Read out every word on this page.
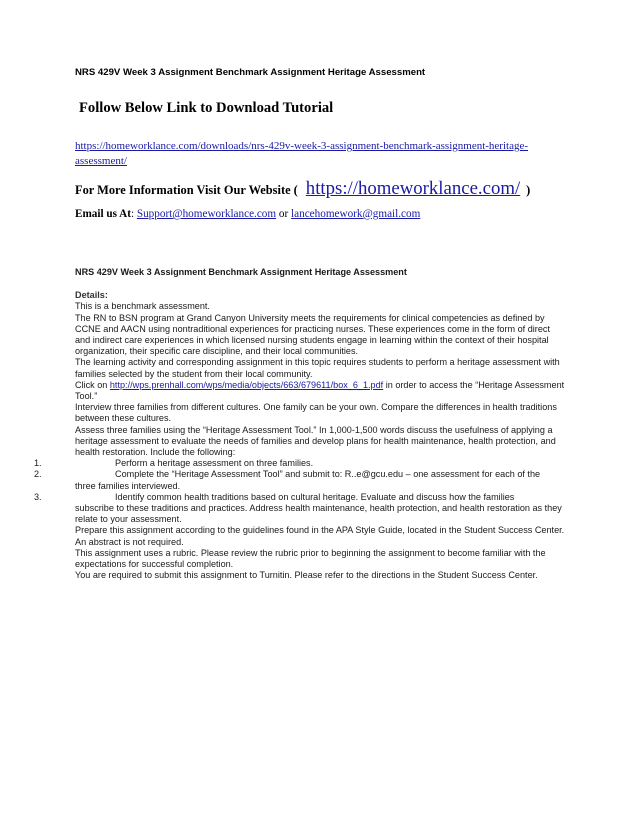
NRS 429V Week 3 Assignment Benchmark Assignment Heritage Assessment
Follow Below Link to Download Tutorial
https://homeworklance.com/downloads/nrs-429v-week-3-assignment-benchmark-assignment-heritage-assessment/
For More Information Visit Our Website ( https://homeworklance.com/ )
Email us At: Support@homeworklance.com or lancehomework@gmail.com

NRS 429V Week 3 Assignment Benchmark Assignment Heritage Assessment

Details:

This is a benchmark assessment.

The RN to BSN program at Grand Canyon University meets the requirements for clinical competencies as defined by CCNE and AACN using nontraditional experiences for practicing nurses. These experiences come in the form of direct and indirect care experiences in which licensed nursing students engage in learning within the context of their hospital organization, their specific care discipline, and their local communities.

The learning activity and corresponding assignment in this topic requires students to perform a heritage assessment with families selected by the student from their local community.

Click on http://wps.prenhall.com/wps/media/objects/663/679611/box_6_1.pdf in order to access the “Heritage Assessment Tool.”

Interview three families from different cultures. One family can be your own. Compare the differences in health traditions between these cultures.

Assess three families using the “Heritage Assessment Tool.” In 1,000-1,500 words discuss the usefulness of applying a heritage assessment to evaluate the needs of families and develop plans for health maintenance, health protection, and health restoration. Include the following:

1.	Perform a heritage assessment on three families.
2.	Complete the “Heritage Assessment Tool” and submit to: R..e@gcu.edu – one assessment for each of the
three families interviewed.
3.	Identify common health traditions based on cultural heritage. Evaluate and discuss how the families
subscribe to these traditions and practices. Address health maintenance, health protection, and health restoration as they relate to your assessment.

Prepare this assignment according to the guidelines found in the APA Style Guide, located in the Student Success Center. An abstract is not required.

This assignment uses a rubric. Please review the rubric prior to beginning the assignment to become familiar with the expectations for successful completion.

You are required to submit this assignment to Turnitin. Please refer to the directions in the Student Success Center.
